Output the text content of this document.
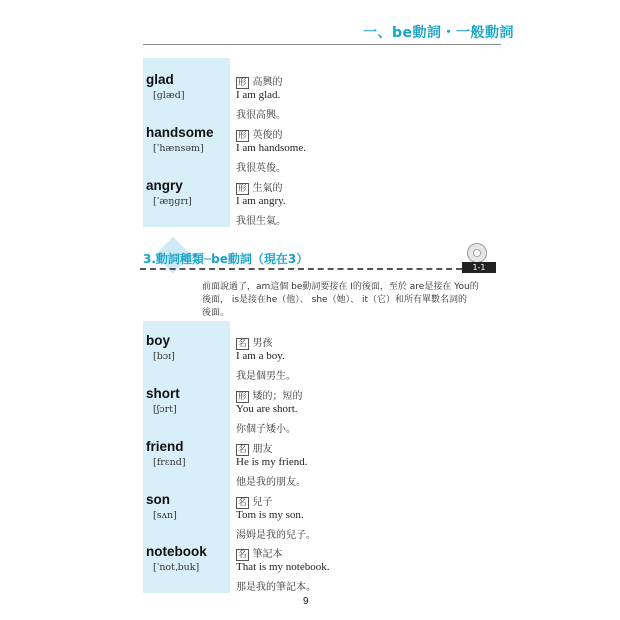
一、be動詞・一般動詞
glad
[glæd]
形 高興的
I am glad.
我很高興。
handsome
[ˈhænsəm]
形 英俊的
I am handsome.
我很英俊。
angry
[ˈæŋgrɪ]
形 生氣的
I am angry.
我很生氣。
3.動詞種類─be動詞（現在3）
1-1
前面說過了，am這個 be動詞要接在 I的後面，至於 are是接在 You的
後面， is是接在he（他）、 she（她）、 it（它）和所有單數名詞的
後面。
boy
[bɔɪ]
名 男孩
I am a boy.
我是個男生。
short
[ʃɔrt]
形 矮的；短的
You are short.
你個子矮小。
friend
[frɛnd]
名 朋友
He is my friend.
他是我的朋友。
son
[sʌn]
名 兒子
Tom is my son.
湯姆是我的兒子。
notebook
[ˈnotˌbuk]
名 筆記本
That is my notebook.
那是我的筆記本。
9
